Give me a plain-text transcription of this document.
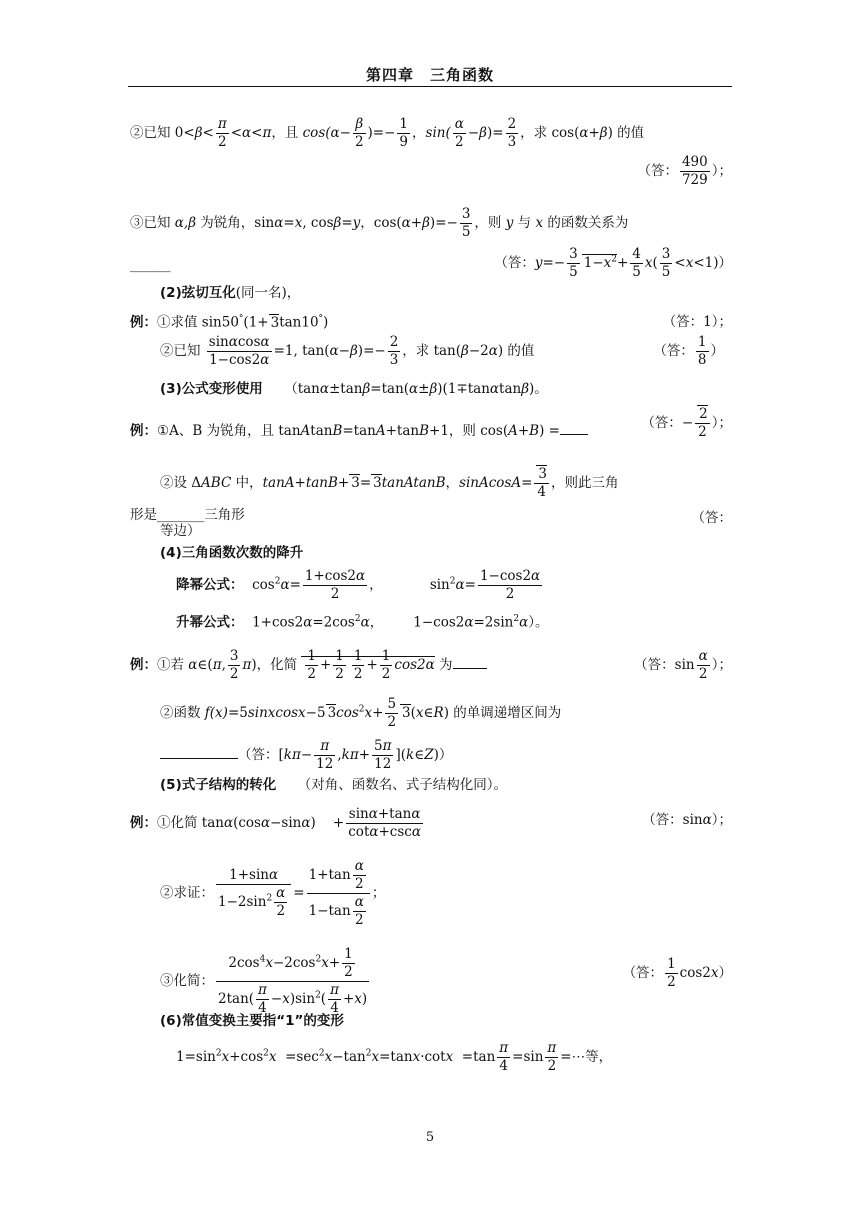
第四章　三角函数
②已知 $0<\beta< \frac{\pi}{2} <\alpha<\pi$，且 $\cos(\alpha- \frac{\beta}{2}$ )=− $\frac{1}{9}$ ，$\sin( \frac{\alpha}{2} -\beta)= \frac{2}{3}$ ，求 cos(α+β) 的值
（答： $\frac{490}{729}$ ）；
③已知 α,β 为锐角，sinα=x, cosβ=y，$\cos(\alpha+\beta)=- \frac{3}{5}$ ，则 y 与 x 的函数关系为
______	（答：$y=- \frac{3}{5} 1-x^2+ \frac{4}{5} x( \frac{3}{5} <x<1)$）
(2)弦切互化(同一名)，
例：①求值 sin50°(1+ 3tan10°)	（答：1）；
②已知 $\frac{\sin\alpha\cos\alpha}{1-\cos 2\alpha} =1$, $\tan(\alpha-\beta)=- \frac{2}{3}$ ，求 tan(β−2α) 的值	（答： $\frac{1}{8}$ ）
(3)公式变形使用     （tanα±tanβ=tan(α±β)(1∓tanαtanβ)。
例：①A、B 为锐角，且 tanAtanB=tanA+tanB+1，则 cos(A+B) =	（答：− $\frac{2}{2}$ ）；
②设 ΔABC 中，tanA+tanB+ 3= 3tanAtanB，sinAcosA= $\frac{3}{4}$ ，则此三角
形是_______三角形	（答：
等边）
(4)三角函数次数的降升
降幂公式：  $\cos^2\alpha= \frac{1+\cos 2\alpha}{2}$ ，           $\sin^2\alpha= \frac{1-\cos 2\alpha}{2}$
升幂公式：  $1+\cos 2\alpha=2\cos^2\alpha$，       $1-\cos 2\alpha=2\sin^2\alpha$）。
例：①若 α∈(π, $\frac{3}{2} \pi$)，化简 $\frac{1}{2} + \frac{1}{2} \frac{1}{2} + \frac{1}{2} \cos 2\alpha$ 为	（答：$\sin \frac{\alpha}{2}$ ）；
②函数 f(x)=5sinxcosx−5 $3\cos^2x+ \frac{5}{2}$ 3(x∈R) 的单调递增区间为
（答：[$k\pi- \frac{\pi}{12} ,k\pi+ \frac{5\pi}{12}$ ](k∈Z)）
(5)式子结构的转化 （对角、函数名、式子结构化同）。
例：①化简 tanα(cosα−sinα)    + $\frac{\sin\alpha+\tan\alpha}{\cot\alpha+\csc\alpha}$	（答：sinα）；
②求证： $\frac{1+\sin\alpha}{1-2\sin^2 \frac{\alpha}{2}} = \frac{1+\tan \frac{\alpha}{2}}{1-\tan \frac{\alpha}{2}}$ ；
③化简： $\frac{2\cos^4x-2\cos^2x+ \frac{1}{2}}{2\tan( \frac{\pi}{4} -x)\sin^2( \frac{\pi}{4} +x)}$	（答： $\frac{1}{2} \cos 2x$）
(6)常值变换主要指“1”的变形
$1=\sin^2x+\cos^2x =\sec^2x-\tan^2x=\tan x\cdot\cot x =\tan \frac{\pi}{4} =\sin \frac{\pi}{2}$ =⋯等，
5
